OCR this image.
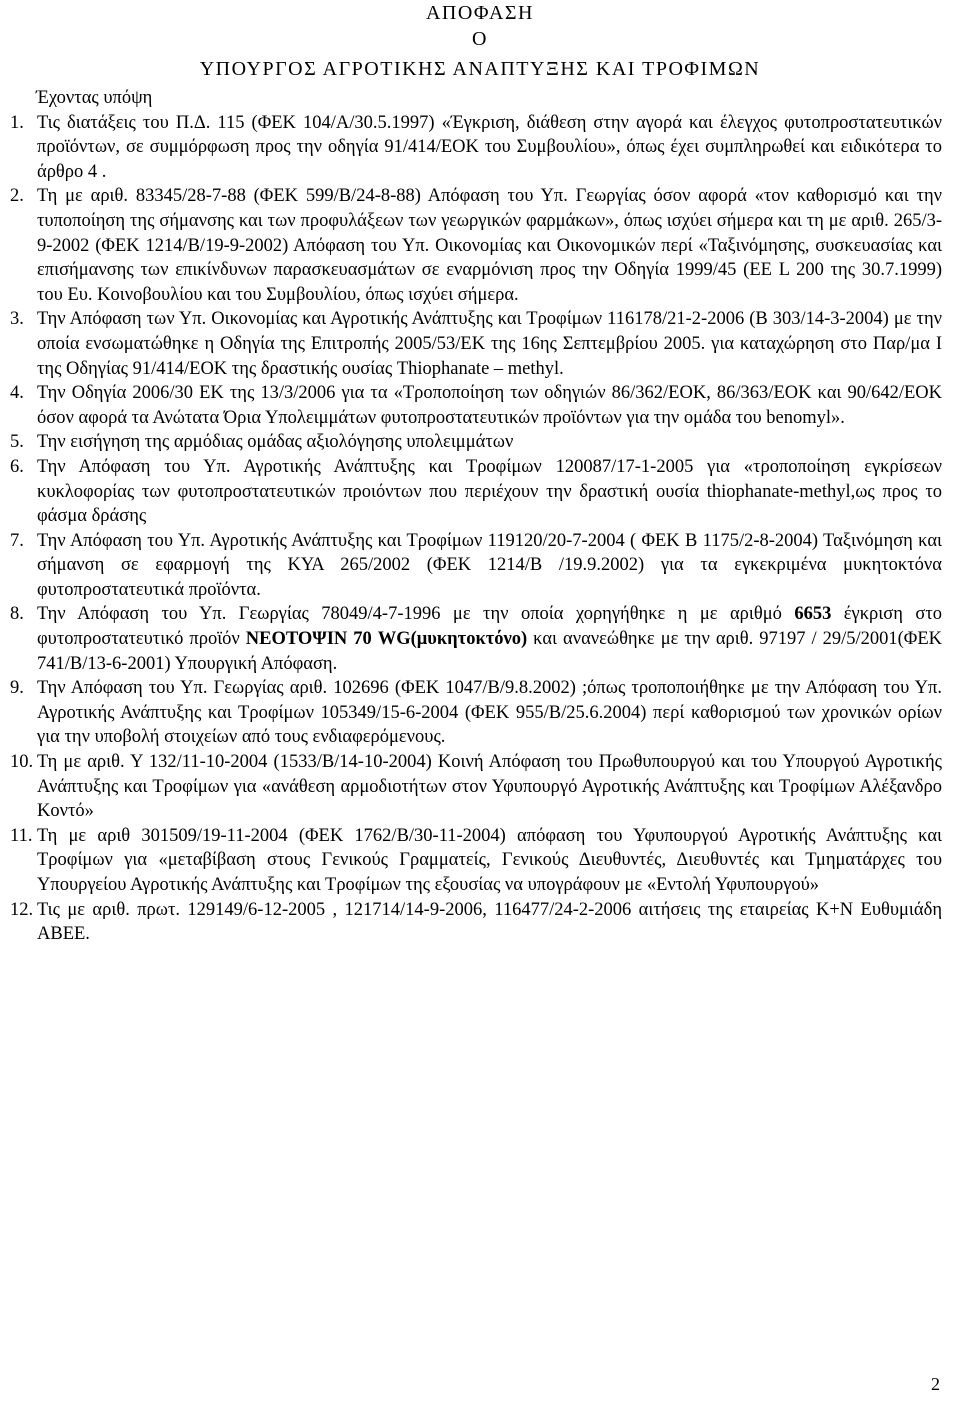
ΑΠΟΦΑΣΗ

Ο

ΥΠΟΥΡΓΟΣ ΑΓΡΟΤΙΚΗΣ ΑΝΑΠΤΥΞΗΣ ΚΑΙ ΤΡΟΦΙΜΩΝ

Έχοντας υπόψη

1. Τις διατάξεις του Π.Δ. 115 (ΦΕΚ 104/Α/30.5.1997) «Έγκριση, διάθεση στην αγορά και έλεγχος φυτοπροστατευτικών προϊόντων, σε συμμόρφωση προς την οδηγία 91/414/ΕΟΚ του Συμβουλίου», όπως έχει συμπληρωθεί και ειδικότερα το άρθρο 4 .
2. Τη με αριθ. 83345/28-7-88 (ΦΕΚ 599/Β/24-8-88) Απόφαση του Υπ. Γεωργίας όσον αφορά «τον καθορισμό και την τυποποίηση της σήμανσης και των προφυλάξεων των γεωργικών φαρμάκων», όπως ισχύει σήμερα και τη με αριθ. 265/3-9-2002 (ΦΕΚ 1214/Β/19-9-2002) Απόφαση του Υπ. Οικονομίας και Οικονομικών περί «Ταξινόμησης, συσκευασίας και επισήμανσης των επικίνδυνων παρασκευασμάτων σε εναρμόνιση προς την Οδηγία 1999/45 (ΕΕ L 200 της 30.7.1999) του Ευ. Κοινοβουλίου και του Συμβουλίου, όπως ισχύει σήμερα.
3. Την Απόφαση των Υπ. Οικονομίας και Αγροτικής Ανάπτυξης και Τροφίμων 116178/21-2-2006 (Β 303/14-3-2004) με την οποία ενσωματώθηκε η Οδηγία της Επιτροπής 2005/53/ΕΚ της 16ης Σεπτεμβρίου 2005. για καταχώρηση στο Παρ/μα Ι της Οδηγίας 91/414/ΕΟΚ της δραστικής ουσίας Thiophanate – methyl.
4. Την Οδηγία 2006/30 ΕΚ της 13/3/2006 για τα «Τροποποίηση των οδηγιών 86/362/ΕΟΚ, 86/363/ΕΟΚ και 90/642/ΕΟΚ όσον αφορά τα Ανώτατα Όρια Υπολειμμάτων φυτοπροστατευτικών προϊόντων για την ομάδα του benomyl».
5. Την εισήγηση της αρμόδιας ομάδας αξιολόγησης υπολειμμάτων
6. Την Απόφαση του Υπ. Αγροτικής Ανάπτυξης και Τροφίμων 120087/17-1-2005 για «τροποποίηση εγκρίσεων κυκλοφορίας των φυτοπροστατευτικών προιόντων που περιέχουν την δραστική ουσία thiophanate-methyl,ως προς το φάσμα δράσης
7. Την Απόφαση του Υπ. Αγροτικής Ανάπτυξης και Τροφίμων 119120/20-7-2004 ( ΦΕΚ Β 1175/2-8-2004) Ταξινόμηση και σήμανση σε εφαρμογή της ΚΥΑ 265/2002 (ΦΕΚ 1214/Β /19.9.2002) για τα εγκεκριμένα μυκητοκτόνα φυτοπροστατευτικά προϊόντα.
8. Την Απόφαση του Υπ. Γεωργίας 78049/4-7-1996 με την οποία χορηγήθηκε η με αριθμό 6653 έγκριση στο φυτοπροστατευτικό προϊόν ΝΕΟΤΟΨΙΝ 70 WG(μυκητοκτόνο) και ανανεώθηκε με την αριθ. 97197 / 29/5/2001(ΦΕΚ 741/Β/13-6-2001) Υπουργική Απόφαση.
9. Την Απόφαση του Υπ. Γεωργίας αριθ. 102696 (ΦΕΚ 1047/Β/9.8.2002) ;όπως τροποποιήθηκε με την Απόφαση του Υπ. Αγροτικής Ανάπτυξης και Τροφίμων 105349/15-6-2004 (ΦΕΚ 955/Β/25.6.2004) περί καθορισμού των χρονικών ορίων για την υποβολή στοιχείων από τους ενδιαφερόμενους.
10. Τη με αριθ. Υ 132/11-10-2004 (1533/Β/14-10-2004) Κοινή Απόφαση του Πρωθυπουργού και του Υπουργού Αγροτικής Ανάπτυξης και Τροφίμων για «ανάθεση αρμοδιοτήτων στον Υφυπουργό Αγροτικής Ανάπτυξης και Τροφίμων Αλέξανδρο Κοντό»
11. Τη με αριθ 301509/19-11-2004 (ΦΕΚ 1762/Β/30-11-2004) απόφαση του Υφυπουργού Αγροτικής Ανάπτυξης και Τροφίμων για «μεταβίβαση στους Γενικούς Γραμματείς, Γενικούς Διευθυντές, Διευθυντές και Τμηματάρχες του Υπουργείου Αγροτικής Ανάπτυξης και Τροφίμων της εξουσίας να υπογράφουν με «Εντολή Υφυπουργού»
12. Τις με αριθ. πρωτ. 129149/6-12-2005 , 121714/14-9-2006, 116477/24-2-2006 αιτήσεις της εταιρείας Κ+Ν Ευθυμιάδη ΑΒΕΕ.
2
